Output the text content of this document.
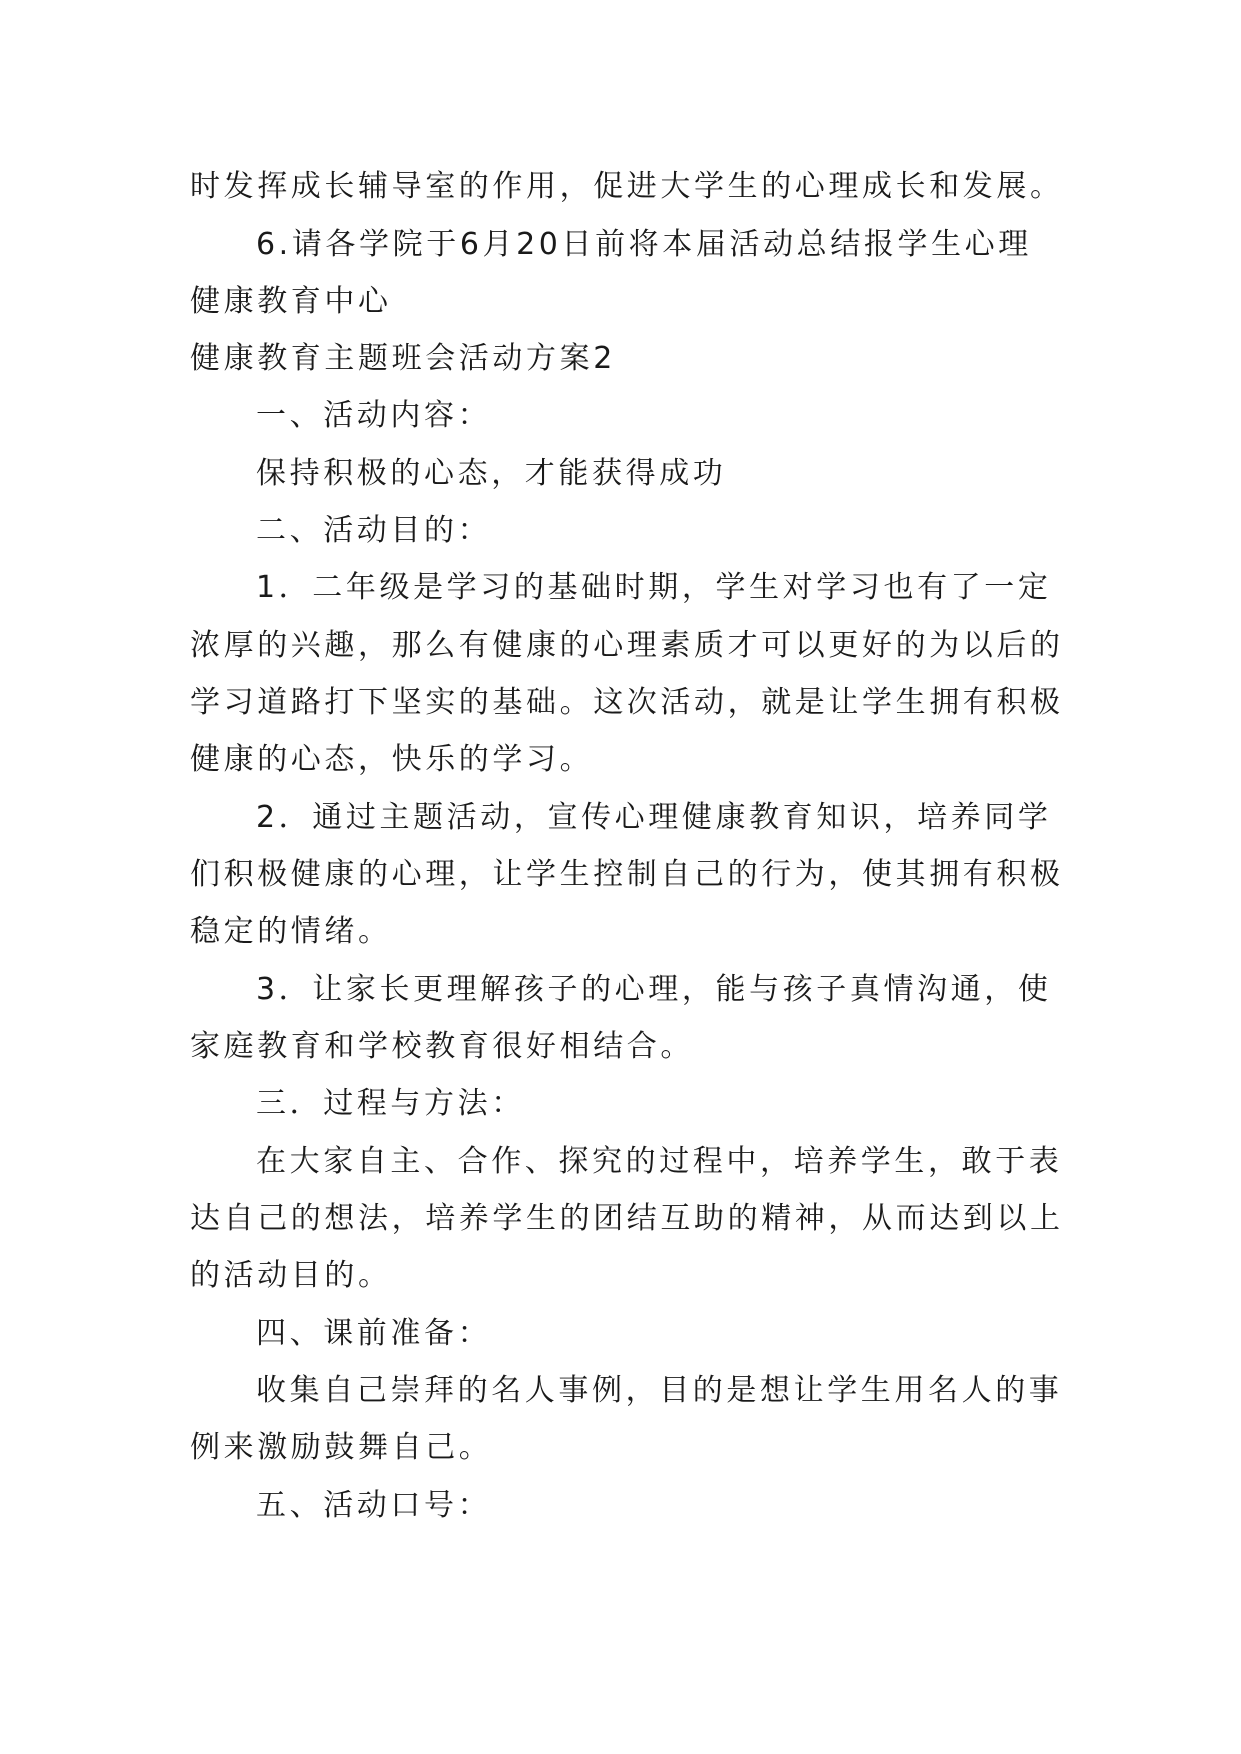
时发挥成长辅导室的作用，促进大学生的心理成长和发展。
6.请各学院于6月20日前将本届活动总结报学生心理
健康教育中心
健康教育主题班会活动方案2
一、活动内容：
保持积极的心态，才能获得成功
二、活动目的：
1．二年级是学习的基础时期，学生对学习也有了一定
浓厚的兴趣，那么有健康的心理素质才可以更好的为以后的
学习道路打下坚实的基础。这次活动，就是让学生拥有积极
健康的心态，快乐的学习。
2．通过主题活动，宣传心理健康教育知识，培养同学
们积极健康的心理，让学生控制自己的行为，使其拥有积极
稳定的情绪。
3．让家长更理解孩子的心理，能与孩子真情沟通，使
家庭教育和学校教育很好相结合。
三．过程与方法：
在大家自主、合作、探究的过程中，培养学生，敢于表
达自己的想法，培养学生的团结互助的精神，从而达到以上
的活动目的。
四、课前准备：
收集自己崇拜的名人事例，目的是想让学生用名人的事
例来激励鼓舞自己。
五、活动口号：
